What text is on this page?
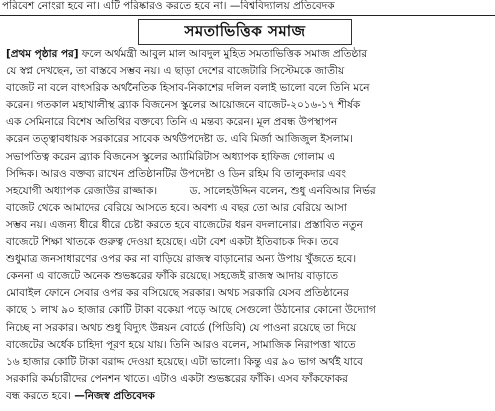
পরিবেশ নোংরা হবে না। এটি পরিষ্কারও করতে হবে না। —বিশ্ববিদ্যালয় প্রতিবেদক
সমতাভিত্তিক সমাজ
[প্রথম পৃষ্ঠার পর] ফলে অর্থমন্ত্রী আবুল মাল আবদুল মুহিত সমতাভিত্তিক সমাজ প্রতিষ্ঠার
যে স্বপ্ন দেখছেন, তা বাস্তবে সম্ভব নয়। এ ছাড়া দেশের বাজেটারি সিস্টেমকে জাতীয়
বাজেট না বলে বাৎসরিক অর্থনৈতিক হিসাব-নিকাশের দলিল বলাই ভালো বলে তিনি মনে
করেন। গতকাল মহাখালীস্থ ব্র্যাক বিজনেস স্কুলের আয়োজনে বাজেট-২০১৬-১৭ শীর্ষক
এক সেমিনারে বিশেষ অতিথির বক্তব্যে তিনি এ মন্তব্য করেন। মূল প্রবন্ধ উপস্থাপন
করেন তত্ত্বাবধায়ক সরকারের সাবেক অর্থউপদেষ্টা ড. এবি মির্জা আজিজুল ইসলাম।
সভাপতিত্ব করেন ব্র্যাক বিজনেস স্কুলের অ্যামিরিটাস অধ্যাপক হাফিজ গোলাম এ
সিদ্দিক। আরও বক্তব্য রাখেন প্রতিষ্ঠানটির উপদেষ্টা ও ডিন রহিম বি তালুকদার এবং
সহযোগী অধ্যাপক রেজাউর রাজ্জাক।	ড. সালেহউদ্দিন বলেন, শুধু এনবিআর নির্ভর
বাজেট থেকে আমাদের বেরিয়ে আসতে হবে। অবশ্য এ বছর তো আর বেরিয়ে আসা
সম্ভব নয়। এজন্য ধীরে ধীরে চেষ্টা করতে হবে বাজেটের ধরন বদলানোর। প্রস্তাবিত নতুন
বাজেটে শিক্ষা খাতকে গুরুত্ব দেওয়া হয়েছে। এটা বেশ একটা ইতিবাচক দিক। তবে
শুধুমাত্র জনসাধারণের ওপর কর না বাড়িয়ে রাজস্ব বাড়ানোর অন্য উপায় খুঁজতে হবে।
কেননা এ বাজেটে অনেক শুভঙ্করের ফাঁকি রয়েছে। সহজেই রাজস্ব আদায় বাড়াতে
মোবাইল ফোনে সেবার ওপর কর বসিয়েছে সরকার। অথচ সরকারি যেসব প্রতিষ্ঠানের
কাছে ১ লাখ ৯০ হাজার কোটি টাকা বকেয়া পড়ে আছে সেগুলো উঠানোর কোনো উদ্যোগ
নিচ্ছে না সরকার। অথচ শুধু বিদ্যুৎ উন্নয়ন বোর্ডে (পিডিবি) যে পাওনা রয়েছে তা দিয়ে
বাজেটের অর্ধেক চাহিদা পূরণ হয়ে যায়। তিনি আরও বলেন, সামাজিক নিরাপত্তা খাতে
১৬ হাজার কোটি টাকা বরাদ্দ দেওয়া হয়েছে। এটা ভালো। কিন্তু এর ৯০ ভাগ অর্থই যাবে
সরকারি কর্মচারীদের পেনশন খাতে। এটাও একটা শুভঙ্করের ফাঁকি। এসব ফাঁকফোকর
বন্ধ করতে হবে। —নিজস্ব প্রতিবেদক
